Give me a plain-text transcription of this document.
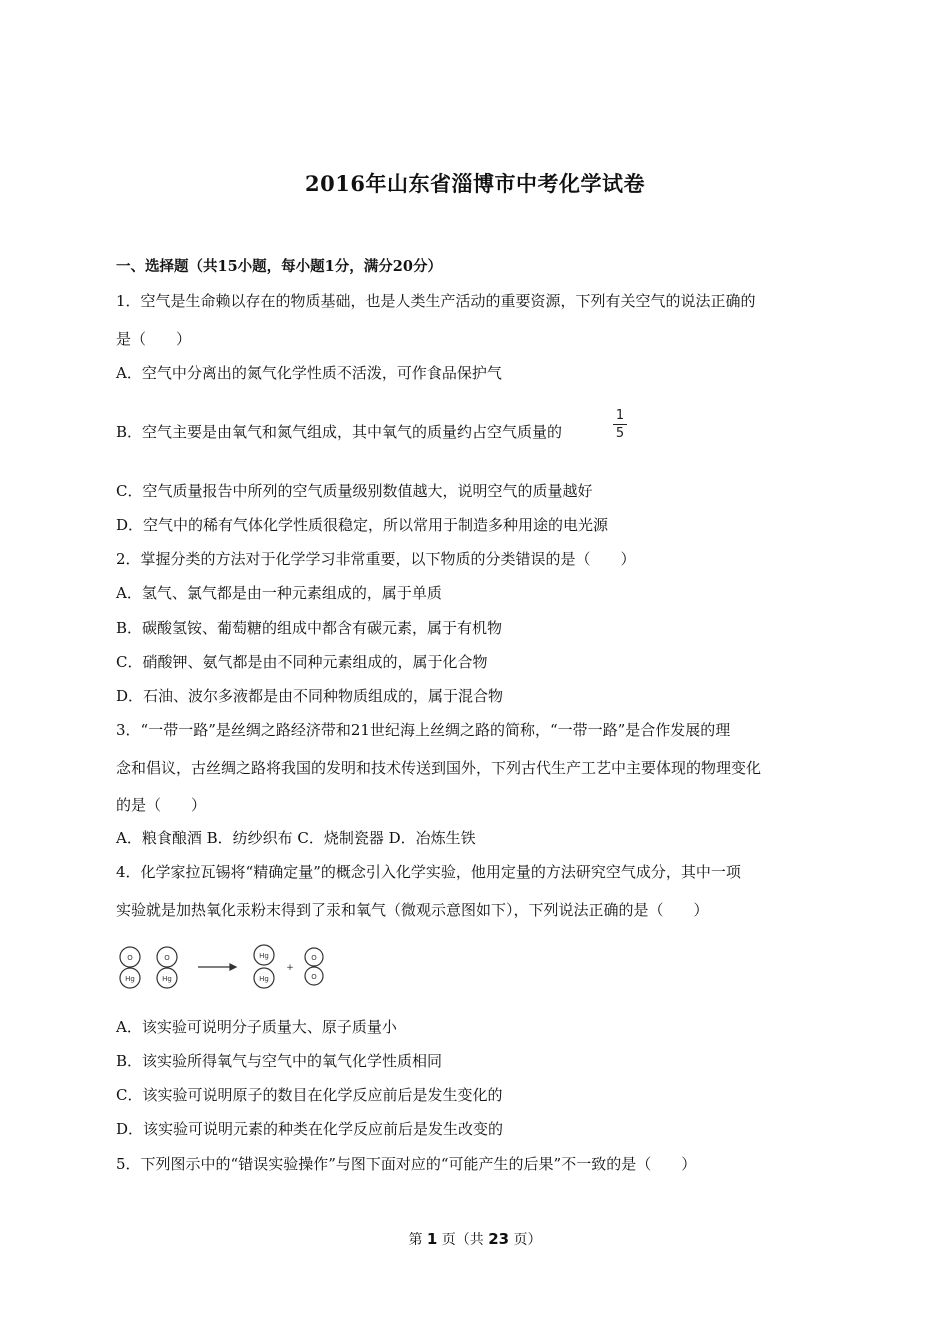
2016年山东省淄博市中考化学试卷
一、选择题（共15小题，每小题1分，满分20分）
1．空气是生命赖以存在的物质基础，也是人类生产活动的重要资源，下列有关空气的说法正确的
是（　　）
A．空气中分离出的氮气化学性质不活泼，可作食品保护气
B．空气主要是由氧气和氮气组成，其中氧气的质量约占空气质量的
1
5
C．空气质量报告中所列的空气质量级别数值越大，说明空气的质量越好
D．空气中的稀有气体化学性质很稳定，所以常用于制造多种用途的电光源
2．掌握分类的方法对于化学学习非常重要，以下物质的分类错误的是（　　）
A．氢气、氯气都是由一种元素组成的，属于单质
B．碳酸氢铵、葡萄糖的组成中都含有碳元素，属于有机物
C．硝酸钾、氨气都是由不同种元素组成的，属于化合物
D．石油、波尔多液都是由不同种物质组成的，属于混合物
3．“一带一路”是丝绸之路经济带和21世纪海上丝绸之路的简称，“一带一路”是合作发展的理
念和倡议，古丝绸之路将我国的发明和技术传送到国外，下列古代生产工艺中主要体现的物理变化
的是（　　）
A．粮食酿酒 B．纺纱织布 C．烧制瓷器 D．冶炼生铁
4．化学家拉瓦锡将“精确定量”的概念引入化学实验，他用定量的方法研究空气成分，其中一项
实验就是加热氧化汞粉末得到了汞和氧气（微观示意图如下），下列说法正确的是（　　）
O
Hg
O
Hg
Hg
Hg
+
O
O
A．该实验可说明分子质量大、原子质量小
B．该实验所得氧气与空气中的氧气化学性质相同
C．该实验可说明原子的数目在化学反应前后是发生变化的
D．该实验可说明元素的种类在化学反应前后是发生改变的
5．下列图示中的“错误实验操作”与图下面对应的“可能产生的后果”不一致的是（　　）
第 1 页（共 23 页）
